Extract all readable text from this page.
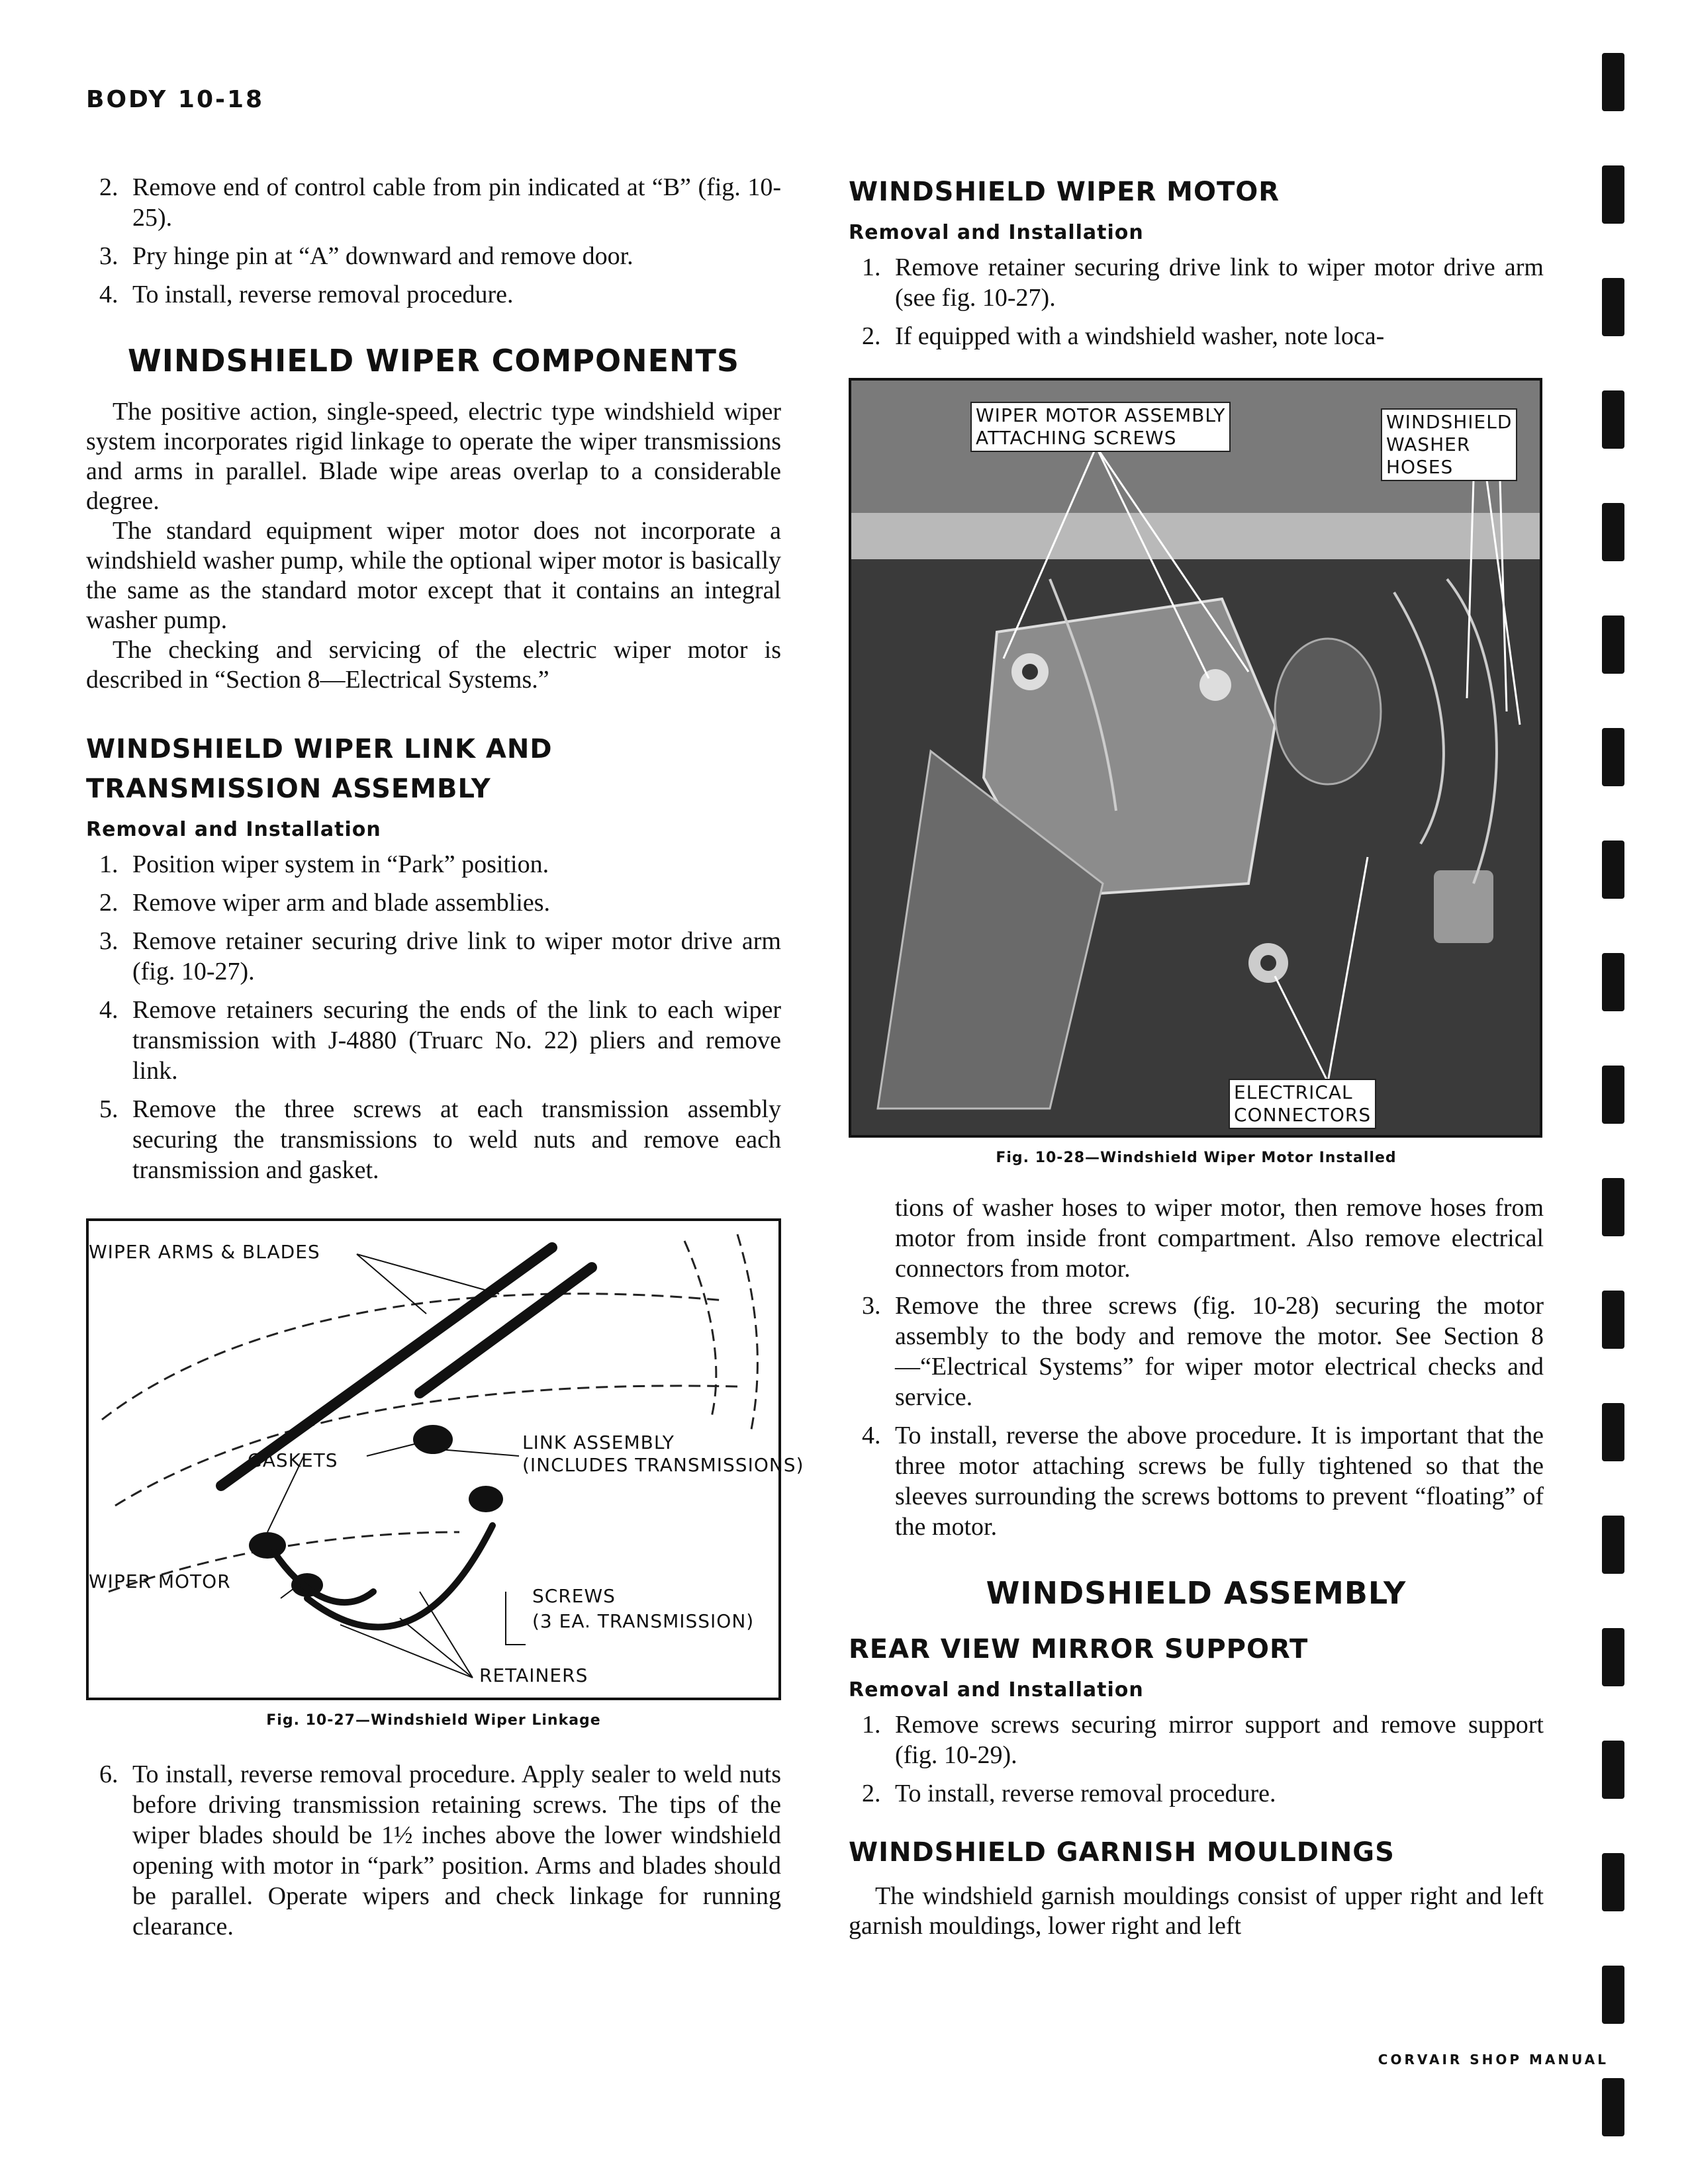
BODY 10-18
2. Remove end of control cable from pin indicated at “B” (fig. 10-25).
3. Pry hinge pin at “A” downward and remove door.
4. To install, reverse removal procedure.
WINDSHIELD WIPER COMPONENTS

The positive action, single-speed, electric type windshield wiper system incorporates rigid linkage to operate the wiper transmissions and arms in parallel. Blade wipe areas overlap to a considerable degree.

The standard equipment wiper motor does not incorporate a windshield washer pump, while the optional wiper motor is basically the same as the standard motor except that it contains an integral washer pump.

The checking and servicing of the electric wiper motor is described in “Section 8—Electrical Systems.”

WINDSHIELD WIPER LINK AND
TRANSMISSION ASSEMBLY
Removal and Installation
1. Position wiper system in “Park” position.
2. Remove wiper arm and blade assemblies.
3. Remove retainer securing drive link to wiper motor drive arm (fig. 10-27).
4. Remove retainers securing the ends of the link to each wiper transmission with J-4880 (Truarc No. 22) pliers and remove link.
5. Remove the three screws at each transmission assembly securing the transmissions to weld nuts and remove each transmission and gasket.
WIPER ARMS & BLADES
GASKETS
LINK ASSEMBLY
(INCLUDES TRANSMISSIONS)
WIPER MOTOR
SCREWS
(3 EA. TRANSMISSION)
RETAINERS
Fig. 10-27—Windshield Wiper Linkage
6. To install, reverse removal procedure. Apply sealer to weld nuts before driving transmission retaining screws. The tips of the wiper blades should be 1½ inches above the lower windshield opening with motor in “park” position. Arms and blades should be parallel. Operate wipers and check linkage for running clearance.
WINDSHIELD WIPER MOTOR
Removal and Installation
1. Remove retainer securing drive link to wiper motor drive arm (see fig. 10-27).
2. If equipped with a windshield washer, note loca-
WIPER MOTOR ASSEMBLY
ATTACHING SCREWS
WINDSHIELD
WASHER
HOSES
ELECTRICAL
CONNECTORS
Fig. 10-28—Windshield Wiper Motor Installed

tions of washer hoses to wiper motor, then remove hoses from motor from inside front compartment. Also remove electrical connectors from motor.

3. Remove the three screws (fig. 10-28) securing the motor assembly to the body and remove the motor. See Section 8—“Electrical Systems” for wiper motor electrical checks and service.
4. To install, reverse the above procedure. It is important that the three motor attaching screws be fully tightened so that the sleeves surrounding the screws bottoms to prevent “floating” of the motor.
WINDSHIELD ASSEMBLY
REAR VIEW MIRROR SUPPORT
Removal and Installation
1. Remove screws securing mirror support and remove support (fig. 10-29).
2. To install, reverse removal procedure.
WINDSHIELD GARNISH MOULDINGS

The windshield garnish mouldings consist of upper right and left garnish mouldings, lower right and left

CORVAIR SHOP MANUAL
